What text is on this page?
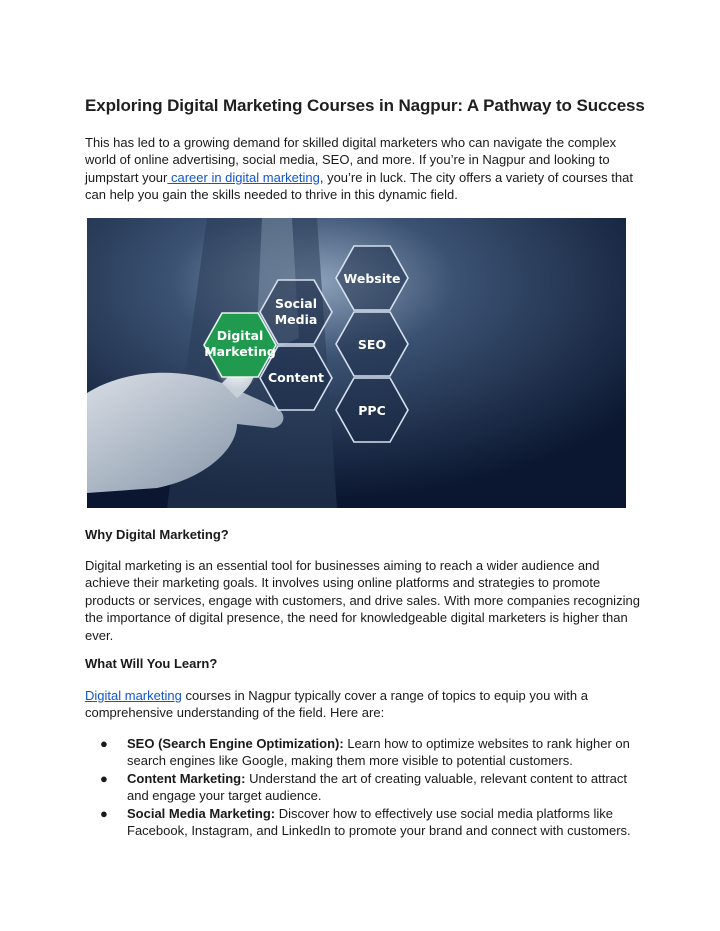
Exploring Digital Marketing Courses in Nagpur: A Pathway to Success

This has led to a growing demand for skilled digital marketers who can navigate the complex world of online advertising, social media, SEO, and more. If you’re in Nagpur and looking to jumpstart your career in digital marketing, you’re in luck. The city offers a variety of courses that can help you gain the skills needed to thrive in this dynamic field.

Website
SEO
PPC
Social
Media
Content
Digital
Marketing

Why Digital Marketing?

Digital marketing is an essential tool for businesses aiming to reach a wider audience and achieve their marketing goals. It involves using online platforms and strategies to promote products or services, engage with customers, and drive sales. With more companies recognizing the importance of digital presence, the need for knowledgeable digital marketers is higher than ever.

What Will You Learn?

Digital marketing courses in Nagpur typically cover a range of topics to equip you with a comprehensive understanding of the field. Here are:

● SEO (Search Engine Optimization): Learn how to optimize websites to rank higher on search engines like Google, making them more visible to potential customers.
● Content Marketing: Understand the art of creating valuable, relevant content to attract and engage your target audience.
● Social Media Marketing: Discover how to effectively use social media platforms like Facebook, Instagram, and LinkedIn to promote your brand and connect with customers.
